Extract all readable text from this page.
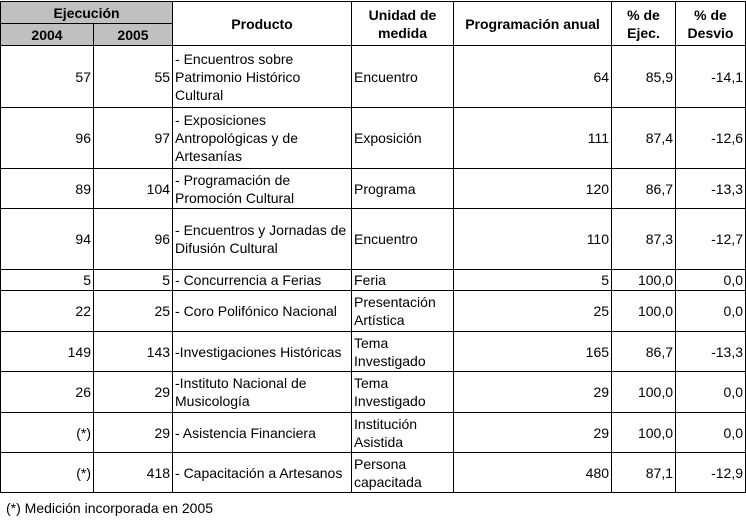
Ejecución		Producto	Unidad de medida	Programación anual	% de Ejec.	% de Desvio
2004	2005					
57	55	- Encuentros sobre Patrimonio Histórico Cultural	Encuentro	64	85,9	-14,1
96	97	- Exposiciones Antropológicas y de Artesanías	Exposición	111	87,4	-12,6
89	104	- Programación de Promoción Cultural	Programa	120	86,7	-13,3
94	96	- Encuentros y Jornadas de Difusión Cultural	Encuentro	110	87,3	-12,7
5	5	- Concurrencia a Ferias	Feria	5	100,0	0,0
22	25	- Coro Polifónico Nacional	Presentación Artística	25	100,0	0,0
149	143	-Investigaciones Históricas	Tema Investigado	165	86,7	-13,3
26	29	-Instituto Nacional de Musicología	Tema Investigado	29	100,0	0,0
(*)	29	- Asistencia Financiera	Institución Asistida	29	100,0	0,0
(*)	418	- Capacitación a Artesanos	Persona capacitada	480	87,1	-12,9
(*) Medición incorporada en 2005
